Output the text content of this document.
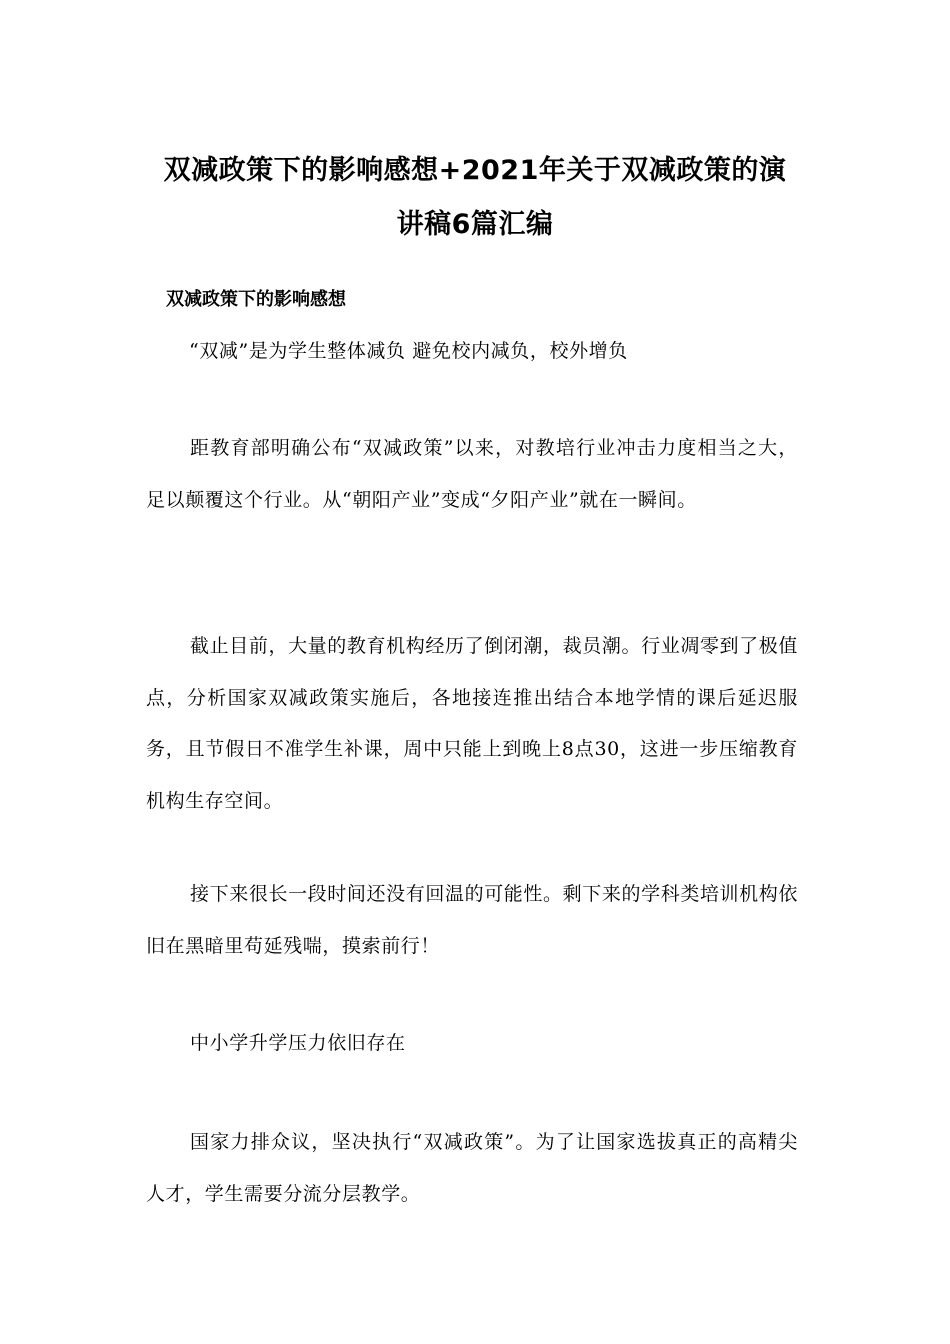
双减政策下的影响感想+2021年关于双减政策的演
讲稿6篇汇编
双减政策下的影响感想

“双减”是为学生整体减负 避免校内减负，校外增负

距教育部明确公布“双减政策”以来，对教培行业冲击力度相当之大，足以颠覆这个行业。从“朝阳产业”变成“夕阳产业”就在一瞬间。

截止目前，大量的教育机构经历了倒闭潮，裁员潮。行业凋零到了极值点，分析国家双减政策实施后，各地接连推出结合本地学情的课后延迟服务，且节假日不准学生补课，周中只能上到晚上8点30，这进一步压缩教育机构生存空间。

接下来很长一段时间还没有回温的可能性。剩下来的学科类培训机构依旧在黑暗里苟延残喘，摸索前行！

中小学升学压力依旧存在

国家力排众议，坚决执行“双减政策”。为了让国家选拔真正的高精尖人才，学生需要分流分层教学。
